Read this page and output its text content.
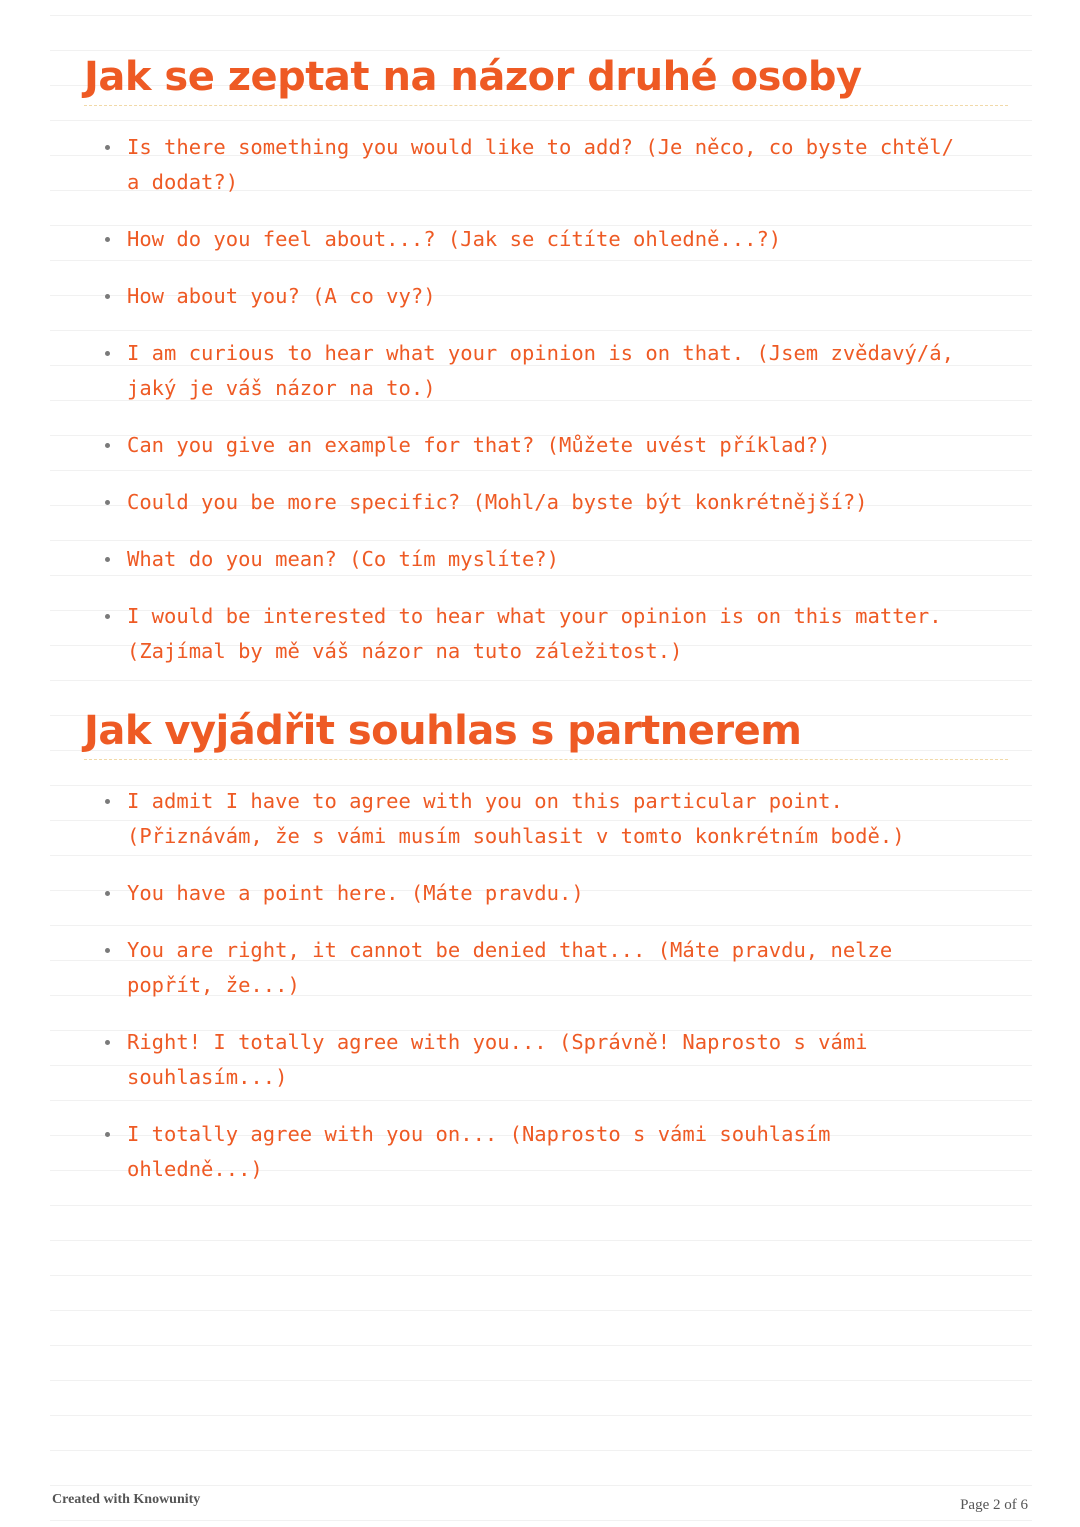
Jak se zeptat na názor druhé osoby
Is there something you would like to add? (Je něco, co byste chtěl/
a dodat?)
How do you feel about...? (Jak se cítíte ohledně...?)
How about you? (A co vy?)
I am curious to hear what your opinion is on that. (Jsem zvědavý/á,
jaký je váš názor na to.)
Can you give an example for that? (Můžete uvést příklad?)
Could you be more specific? (Mohl/a byste být konkrétnější?)
What do you mean? (Co tím myslíte?)
I would be interested to hear what your opinion is on this matter.
(Zajímal by mě váš názor na tuto záležitost.)
Jak vyjádřit souhlas s partnerem
I admit I have to agree with you on this particular point.
(Přiznávám, že s vámi musím souhlasit v tomto konkrétním bodě.)
You have a point here. (Máte pravdu.)
You are right, it cannot be denied that... (Máte pravdu, nelze
popřít, že...)
Right! I totally agree with you... (Správně! Naprosto s vámi
souhlasím...)
I totally agree with you on... (Naprosto s vámi souhlasím
ohledně...)
Created with Knowunity	Page 2 of 6
